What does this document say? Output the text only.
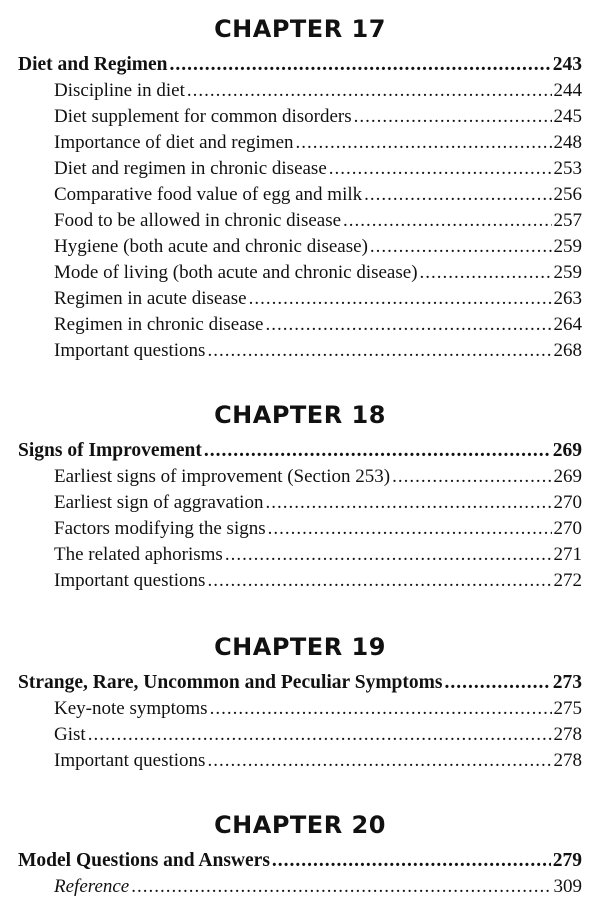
CHAPTER 17
Diet and Regimen .....	243
Discipline in diet .....	244
Diet supplement for common disorders .....	245
Importance of diet and regimen .....	248
Diet and regimen in chronic disease .....	253
Comparative food value of egg and milk .....	256
Food to be allowed in chronic disease .....	257
Hygiene (both acute and chronic disease) .....	259
Mode of living (both acute and chronic disease) .....	259
Regimen in acute disease .....	263
Regimen in chronic disease .....	264
Important questions .....	268
CHAPTER 18
Signs of Improvement .....	269
Earliest signs of improvement (Section 253) .....	269
Earliest sign of aggravation .....	270
Factors modifying the signs .....	270
The related aphorisms .....	271
Important questions .....	272
CHAPTER 19
Strange, Rare, Uncommon and Peculiar Symptoms .....	273
Key-note symptoms .....	275
Gist .....	278
Important questions .....	278
CHAPTER 20
Model Questions and Answers .....	279
Reference .....	309
